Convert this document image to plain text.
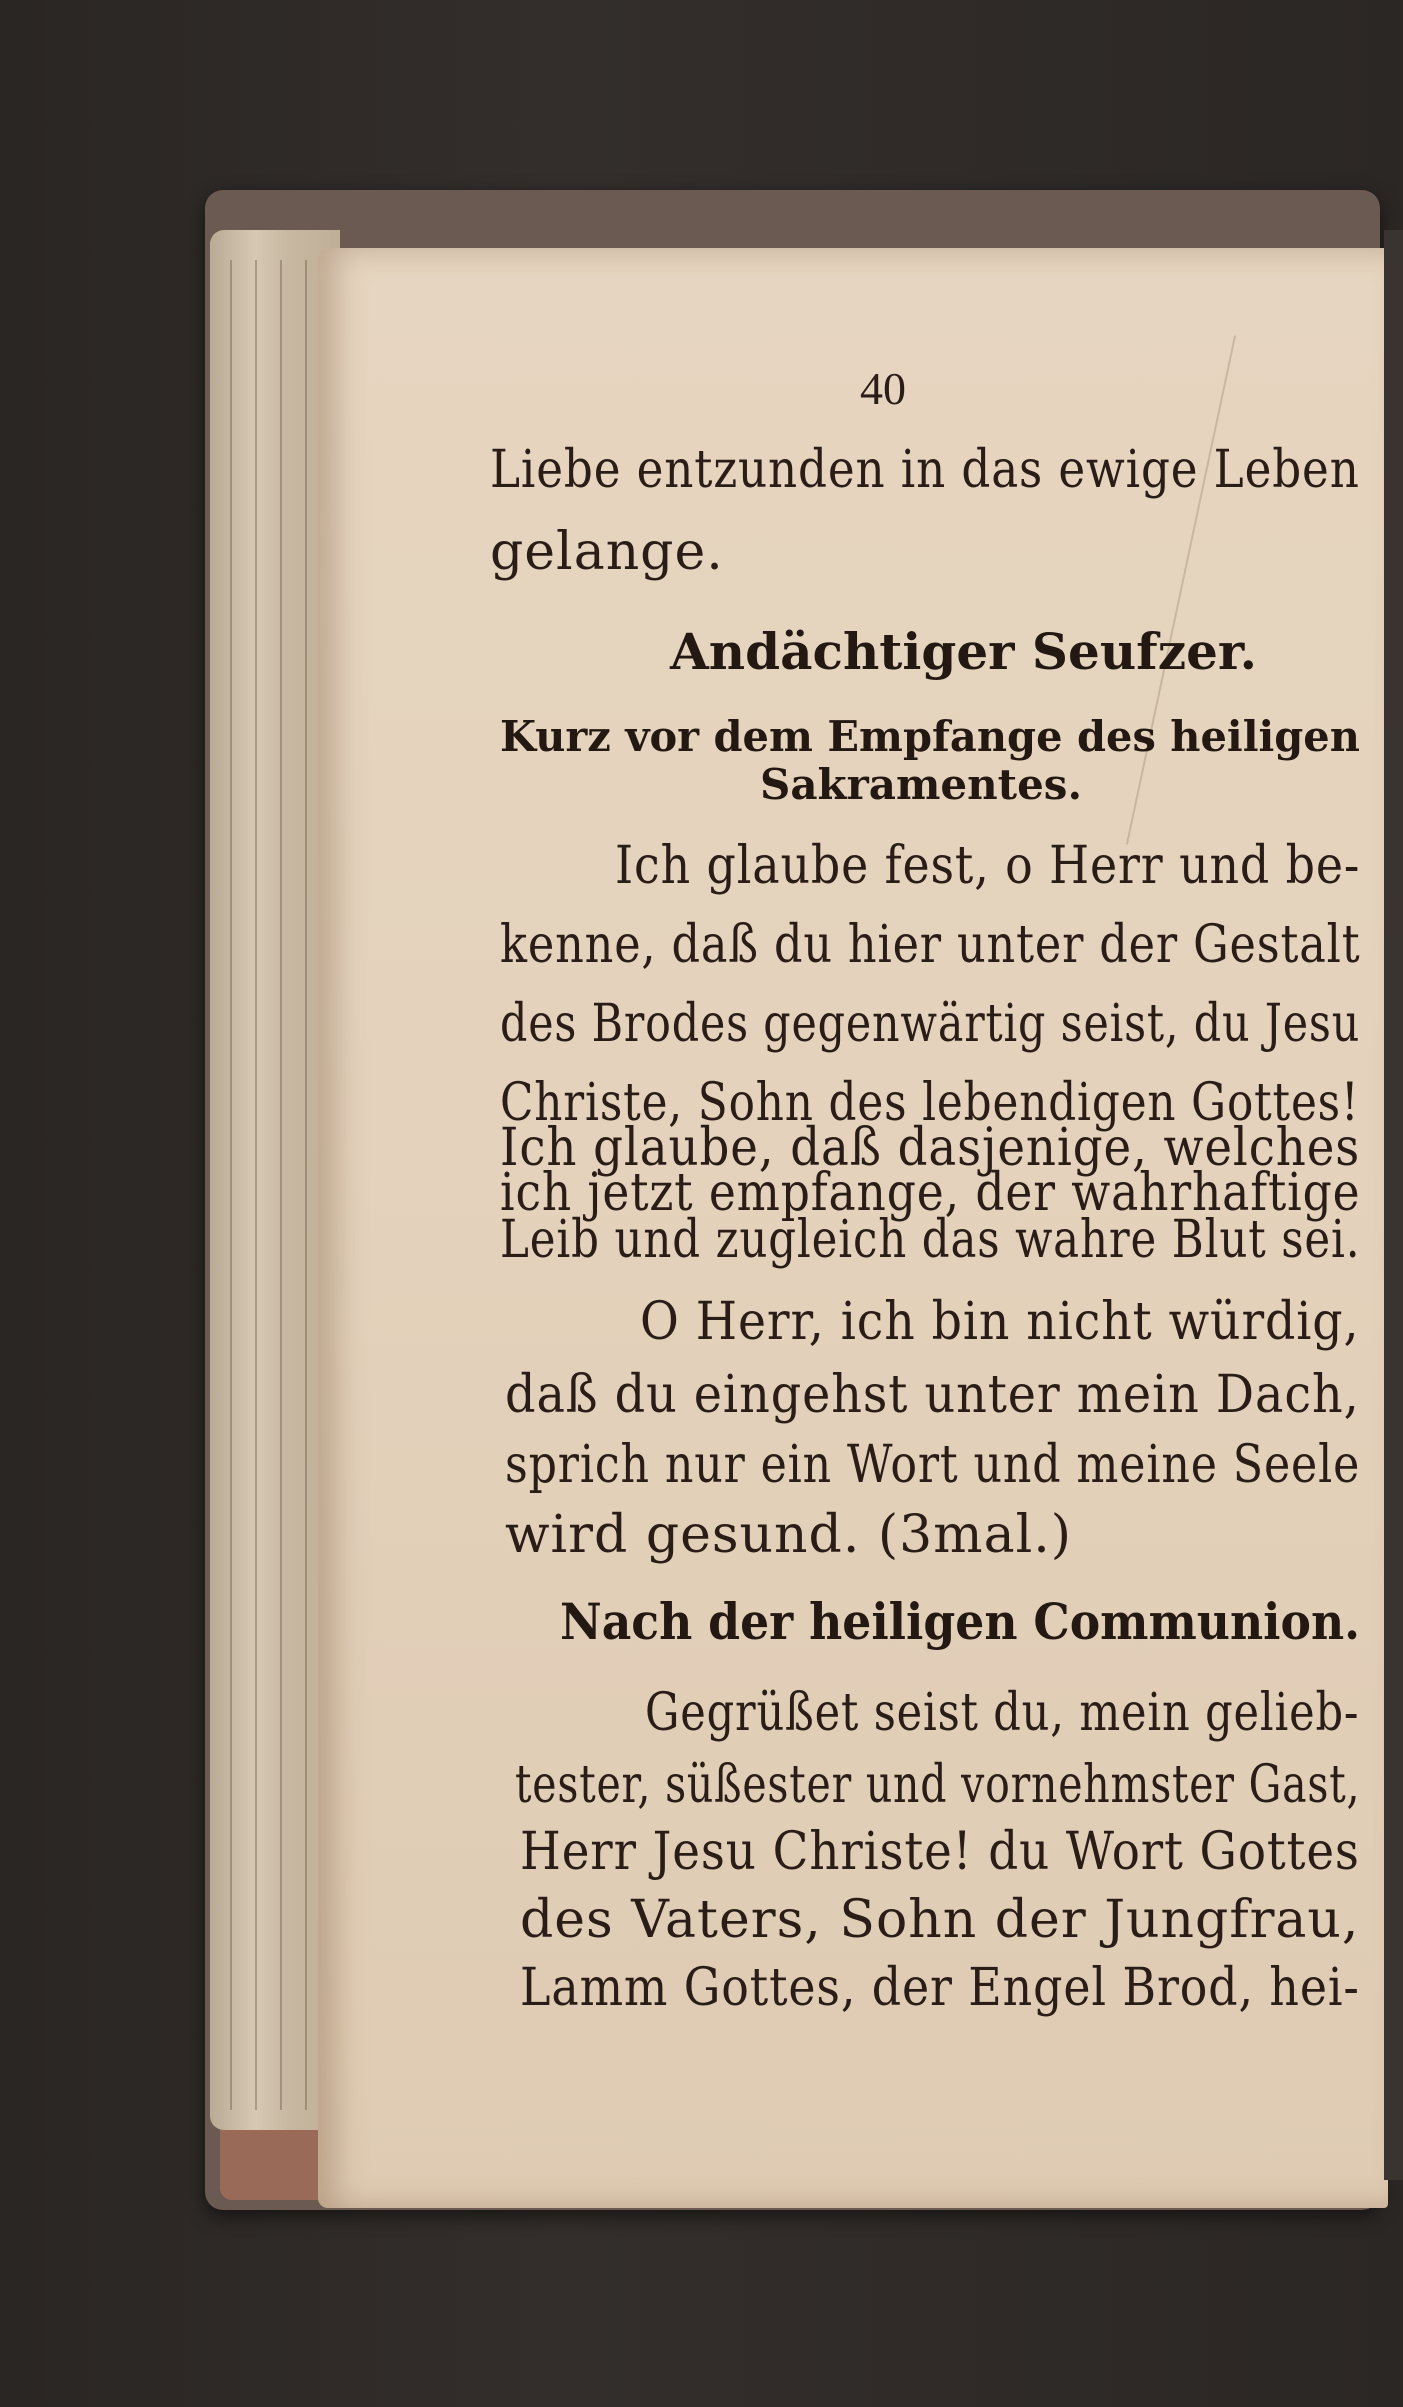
40
Liebe entzunden in das ewige Leben
gelange.
Andächtiger Seufzer.
Kurz vor dem Empfange des heiligen
Sakramentes.
Ich glaube fest, o Herr und be-
kenne, daß du hier unter der Gestalt
des Brodes gegenwärtig seist, du Jesu
Christe, Sohn des lebendigen Gottes!
Ich glaube, daß dasjenige, welches
ich jetzt empfange, der wahrhaftige
Leib und zugleich das wahre Blut sei.
O Herr, ich bin nicht würdig,
daß du eingehst unter mein Dach,
sprich nur ein Wort und meine Seele
wird gesund. (3mal.)
Nach der heiligen Communion.
Gegrüßet seist du, mein gelieb-
tester, süßester und vornehmster Gast,
Herr Jesu Christe! du Wort Gottes
des Vaters, Sohn der Jungfrau,
Lamm Gottes, der Engel Brod, hei-
